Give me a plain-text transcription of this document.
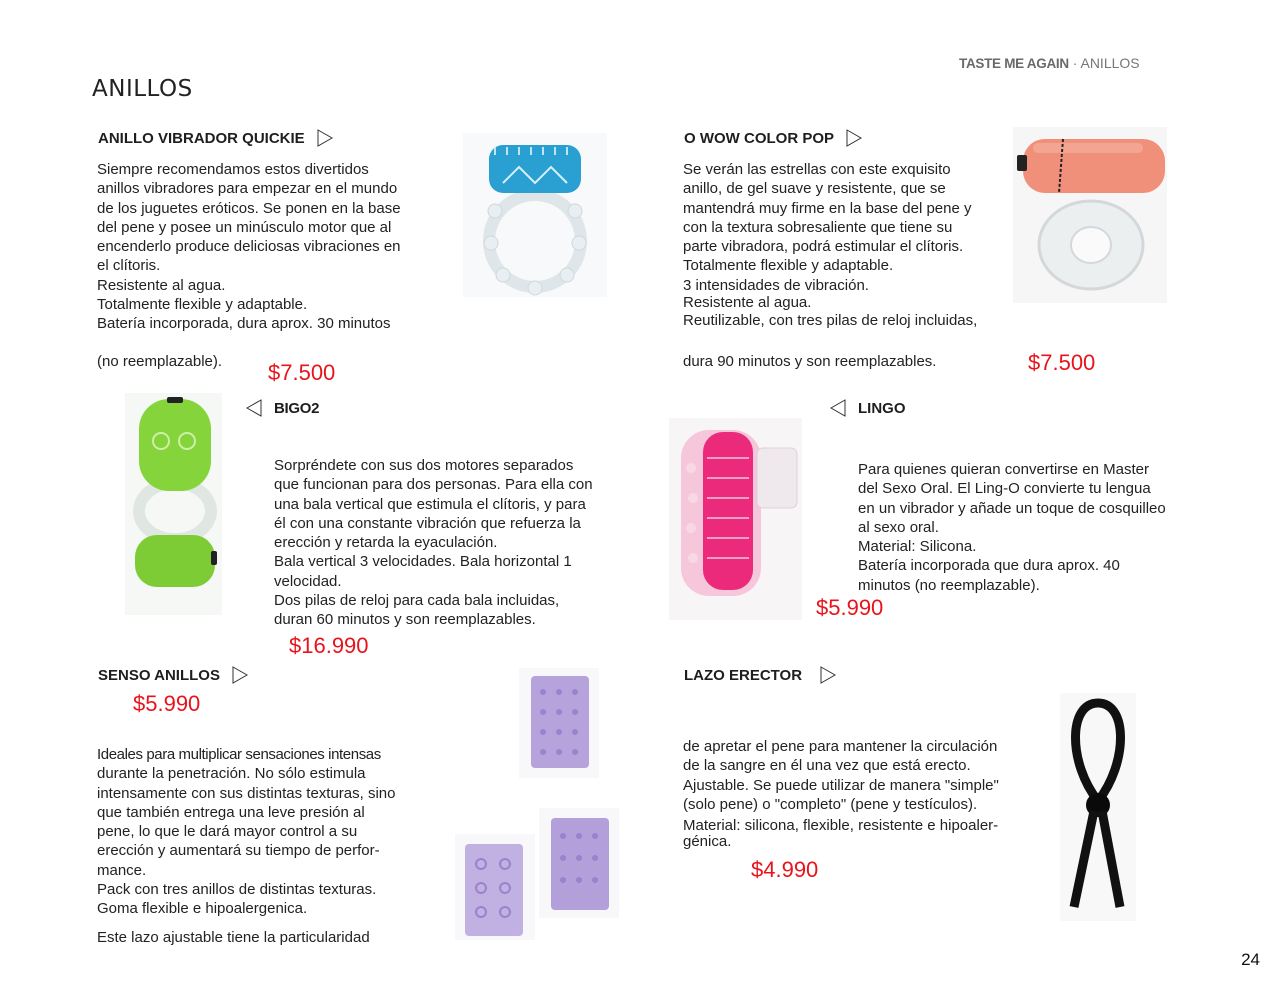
TASTE ME AGAIN · ANILLOS
ANILLOS
ANILLO VIBRADOR QUICKIE

Siempre recomendamos estos divertidos

anillos vibradores para empezar en el mundo

de los juguetes eróticos. Se ponen en la base

del pene y posee un minúsculo motor que al

encenderlo produce deliciosas vibraciones en

el clítoris.

Resistente al agua.

Totalmente flexible y adaptable.

Batería incorporada, dura aprox. 30 minutos

(no reemplazable). $7.500
O WOW COLOR POP

Se verán las estrellas con este exquisito

anillo, de gel suave y resistente, que se

mantendrá muy firme en la base del pene y

con la textura sobresaliente que tiene su

parte vibradora, podrá estimular el clítoris.

Totalmente flexible y adaptable.

3 intensidades de vibración.

Resistente al agua.

Reutilizable, con tres pilas de reloj incluidas,

dura 90 minutos y son reemplazables.	$7.500
BIGO2

Sorpréndete con sus dos motores separados

que funcionan para dos personas. Para ella con

una bala vertical que estimula el clítoris, y para

él con una constante vibración que refuerza la

erección y retarda la eyaculación.

Bala vertical 3 velocidades. Bala horizontal 1

velocidad.

Dos pilas de reloj para cada bala incluidas,

duran 60 minutos y son reemplazables.

$16.990
LINGO

Para quienes quieran convertirse en Master

del Sexo Oral. El Ling-O convierte tu lengua

en un vibrador y añade un toque de cosquilleo

al sexo oral.

Material: Silicona.

Batería incorporada que dura aprox. 40

minutos (no reemplazable).

$5.990
SENSO ANILLOS
$5.990

Ideales para multiplicar sensaciones intensas

durante la penetración. No sólo estimula

intensamente con sus distintas texturas, sino

que también entrega una leve presión al

pene, lo que le dará mayor control a su

erección y aumentará su tiempo de perfor-

mance.

Pack con tres anillos de distintas texturas.

Goma flexible e hipoalergenica.

Este lazo ajustable tiene la particularidad
LAZO ERECTOR

de apretar el pene para mantener la circulación

de la sangre en él una vez que está erecto.

Ajustable. Se puede utilizar de manera "simple"

(solo pene) o "completo" (pene y testículos).

Material: silicona, flexible, resistente e hipoaler-

génica.

$4.990
24
